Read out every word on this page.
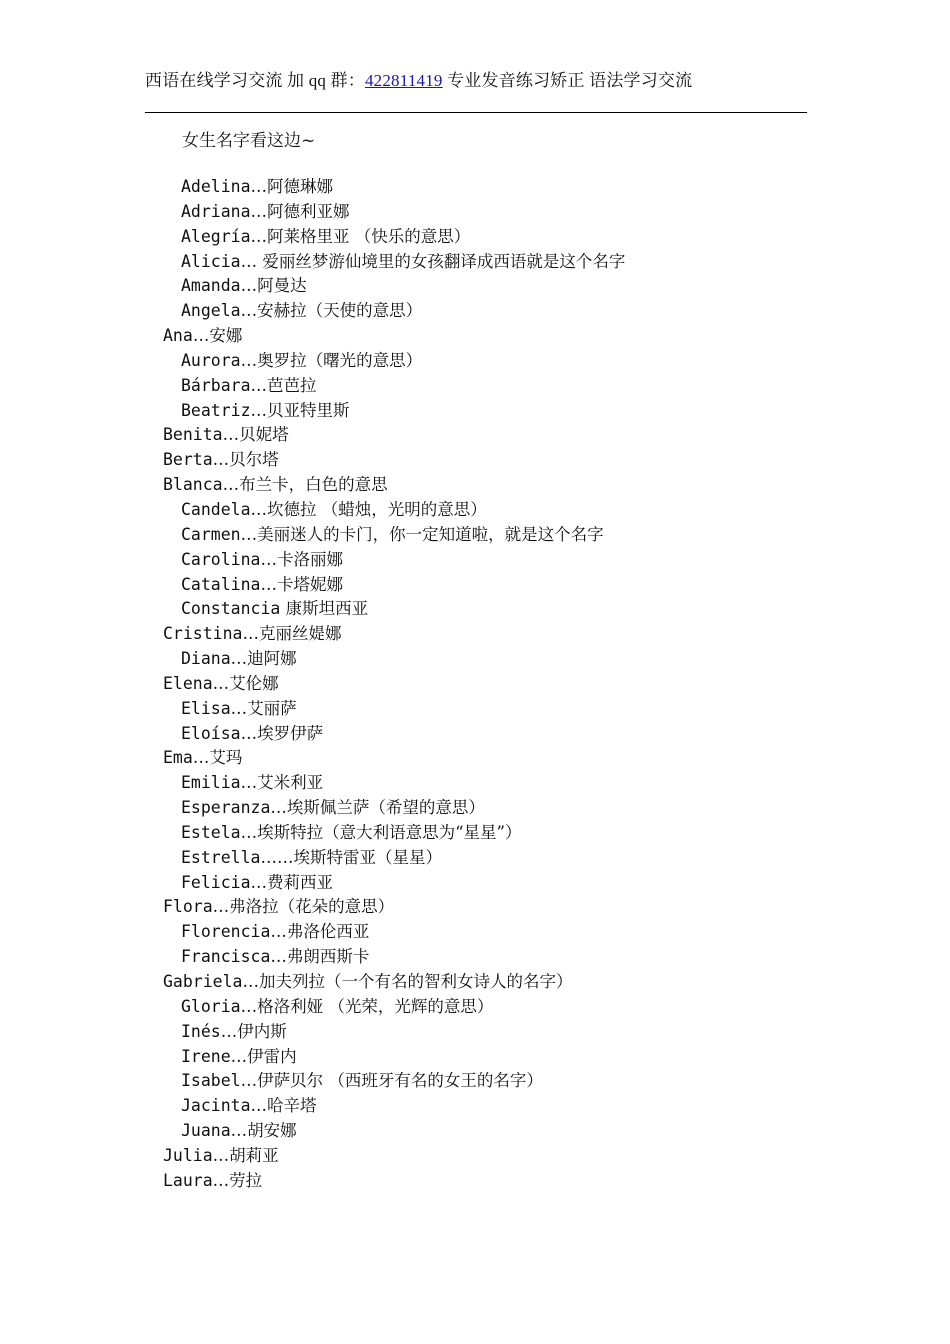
西语在线学习交流 加 qq 群：422811419 专业发音练习矫正 语法学习交流
女生名字看这边~
Adelina…阿德琳娜
Adriana…阿德利亚娜
Alegría…阿莱格里亚 （快乐的意思）
Alicia… 爱丽丝梦游仙境里的女孩翻译成西语就是这个名字
Amanda…阿曼达
Angela…安赫拉（天使的意思）
Ana…安娜
Aurora…奥罗拉（曙光的意思）
Bárbara…芭芭拉
Beatriz…贝亚特里斯
Benita…贝妮塔
Berta…贝尔塔
Blanca…布兰卡，白色的意思
Candela…坎德拉 （蜡烛，光明的意思）
Carmen…美丽迷人的卡门，你一定知道啦，就是这个名字
Carolina…卡洛丽娜
Catalina…卡塔妮娜
Constancia 康斯坦西亚
Cristina…克丽丝媞娜
Diana…迪阿娜
Elena…艾伦娜
Elisa…艾丽萨
Eloísa…埃罗伊萨
Ema…艾玛
Emilia…艾米利亚
Esperanza…埃斯佩兰萨（希望的意思）
Estela…埃斯特拉（意大利语意思为“星星”）
Estrella……埃斯特雷亚（星星）
Felicia…费莉西亚
Flora…弗洛拉（花朵的意思）
Florencia…弗洛伦西亚
Francisca…弗朗西斯卡
Gabriela…加夫列拉（一个有名的智利女诗人的名字）
Gloria…格洛利娅 （光荣，光辉的意思）
Inés…伊内斯
Irene…伊雷内
Isabel…伊萨贝尔 （西班牙有名的女王的名字）
Jacinta…哈辛塔
Juana…胡安娜
Julia…胡莉亚
Laura…劳拉
